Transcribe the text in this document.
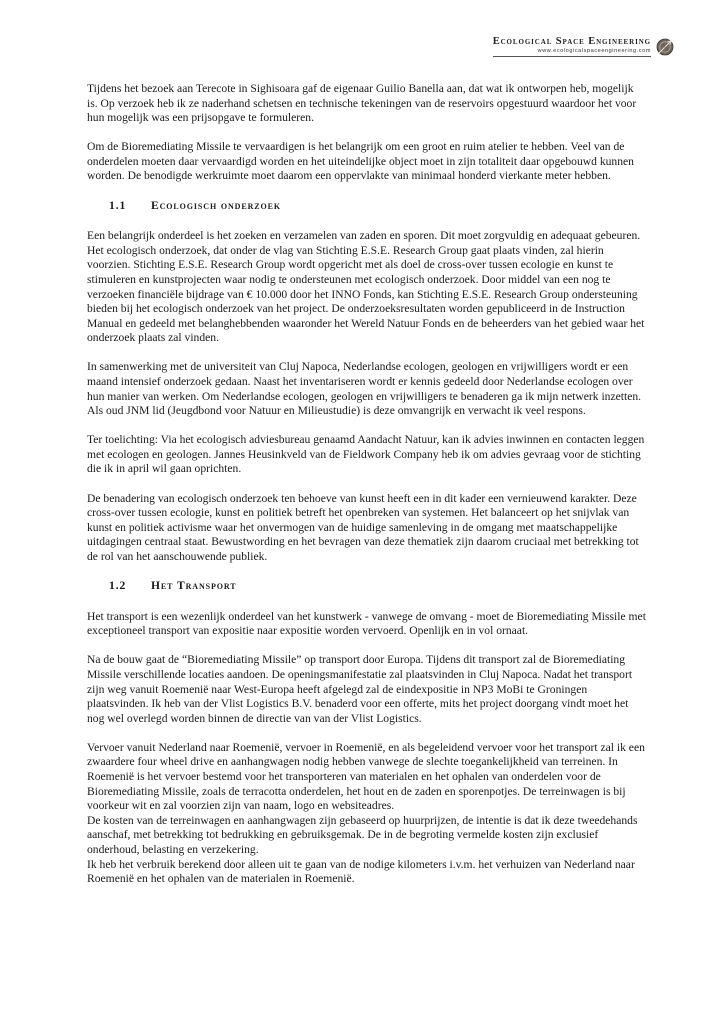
Ecological Space Engineering
www.ecologicalspaceengineering.com

Tijdens het bezoek aan Terecote in Sighisoara gaf de eigenaar Guilio Banella aan, dat wat ik ontworpen heb, mogelijk is. Op verzoek heb ik ze naderhand schetsen en technische tekeningen van de reservoirs opgestuurd waardoor het voor hun mogelijk was een prijsopgave te formuleren.

Om de Bioremediating Missile te vervaardigen is het belangrijk om een groot en ruim atelier te hebben. Veel van de onderdelen moeten daar vervaardigd worden en het uiteindelijke object moet in zijn totaliteit daar opgebouwd kunnen worden. De benodigde werkruimte moet daarom een oppervlakte van minimaal honderd vierkante meter hebben.

1.1	Ecologisch onderzoek

Een belangrijk onderdeel is het zoeken en verzamelen van zaden en sporen. Dit moet zorgvuldig en adequaat gebeuren. Het ecologisch onderzoek, dat onder de vlag van Stichting E.S.E. Research Group gaat plaats vinden, zal hierin voorzien. Stichting E.S.E. Research Group wordt opgericht met als doel de cross-over tussen ecologie en kunst te stimuleren en kunstprojecten waar nodig te ondersteunen met ecologisch onderzoek. Door middel van een nog te verzoeken financiële bijdrage van € 10.000 door het INNO Fonds, kan Stichting E.S.E. Research Group ondersteuning bieden bij het ecologisch onderzoek van het project. De onderzoeksresultaten worden gepubliceerd in de Instruction Manual en gedeeld met belanghebbenden waaronder het Wereld Natuur Fonds en de beheerders van het gebied waar het onderzoek plaats zal vinden.

In samenwerking met de universiteit van Cluj Napoca, Nederlandse ecologen, geologen en vrijwilligers wordt er een maand intensief onderzoek gedaan. Naast het inventariseren wordt er kennis gedeeld door Nederlandse ecologen over hun manier van werken. Om Nederlandse ecologen, geologen en vrijwilligers te benaderen ga ik mijn netwerk inzetten. Als oud JNM lid (Jeugdbond voor Natuur en Milieustudie) is deze omvangrijk en verwacht ik veel respons.

Ter toelichting: Via het ecologisch adviesbureau genaamd Aandacht Natuur, kan ik advies inwinnen en contacten leggen met ecologen en geologen. Jannes Heusinkveld van de Fieldwork Company heb ik om advies gevraag voor de stichting die ik in april wil gaan oprichten.

De benadering van ecologisch onderzoek ten behoeve van kunst heeft een in dit kader een vernieuwend karakter. Deze cross-over tussen ecologie, kunst en politiek betreft het openbreken van systemen. Het balanceert op het snijvlak van kunst en politiek activisme waar het onvermogen van de huidige samenleving in de omgang met maatschappelijke uitdagingen centraal staat. Bewustwording en het bevragen van deze thematiek zijn daarom cruciaal met betrekking tot de rol van het aanschouwende publiek.

1.2	Het Transport

Het transport is een wezenlijk onderdeel van het kunstwerk - vanwege de omvang - moet de Bioremediating Missile met exceptioneel transport van expositie naar expositie worden vervoerd. Openlijk en in vol ornaat.

Na de bouw gaat de “Bioremediating Missile” op transport door Europa. Tijdens dit transport zal de Bioremediating Missile verschillende locaties aandoen. De openingsmanifestatie zal plaatsvinden in Cluj Napoca. Nadat het transport zijn weg vanuit Roemenië naar West-Europa heeft afgelegd zal de eindexpositie in NP3 MoBi te Groningen plaatsvinden. Ik heb van der Vlist Logistics B.V. benaderd voor een offerte, mits het project doorgang vindt moet het nog wel overlegd worden binnen de directie van van der Vlist Logistics.

Vervoer vanuit Nederland naar Roemenië, vervoer in Roemenië, en als begeleidend vervoer voor het transport zal ik een zwaardere four wheel drive en aanhangwagen nodig hebben vanwege de slechte toegankelijkheid van terreinen. In Roemenië is het vervoer bestemd voor het transporteren van materialen en het ophalen van onderdelen voor de Bioremediating Missile, zoals de terracotta onderdelen, het hout en de zaden en sporenpotjes. De terreinwagen is bij voorkeur wit en zal voorzien zijn van naam, logo en websiteadres.

De kosten van de terreinwagen en aanhangwagen zijn gebaseerd op huurprijzen, de intentie is dat ik deze tweedehands aanschaf, met betrekking tot bedrukking en gebruiksgemak. De in de begroting vermelde kosten zijn exclusief onderhoud, belasting en verzekering.

Ik heb het verbruik berekend door alleen uit te gaan van de nodige kilometers i.v.m. het verhuizen van Nederland naar Roemenië en het ophalen van de materialen in Roemenië.
